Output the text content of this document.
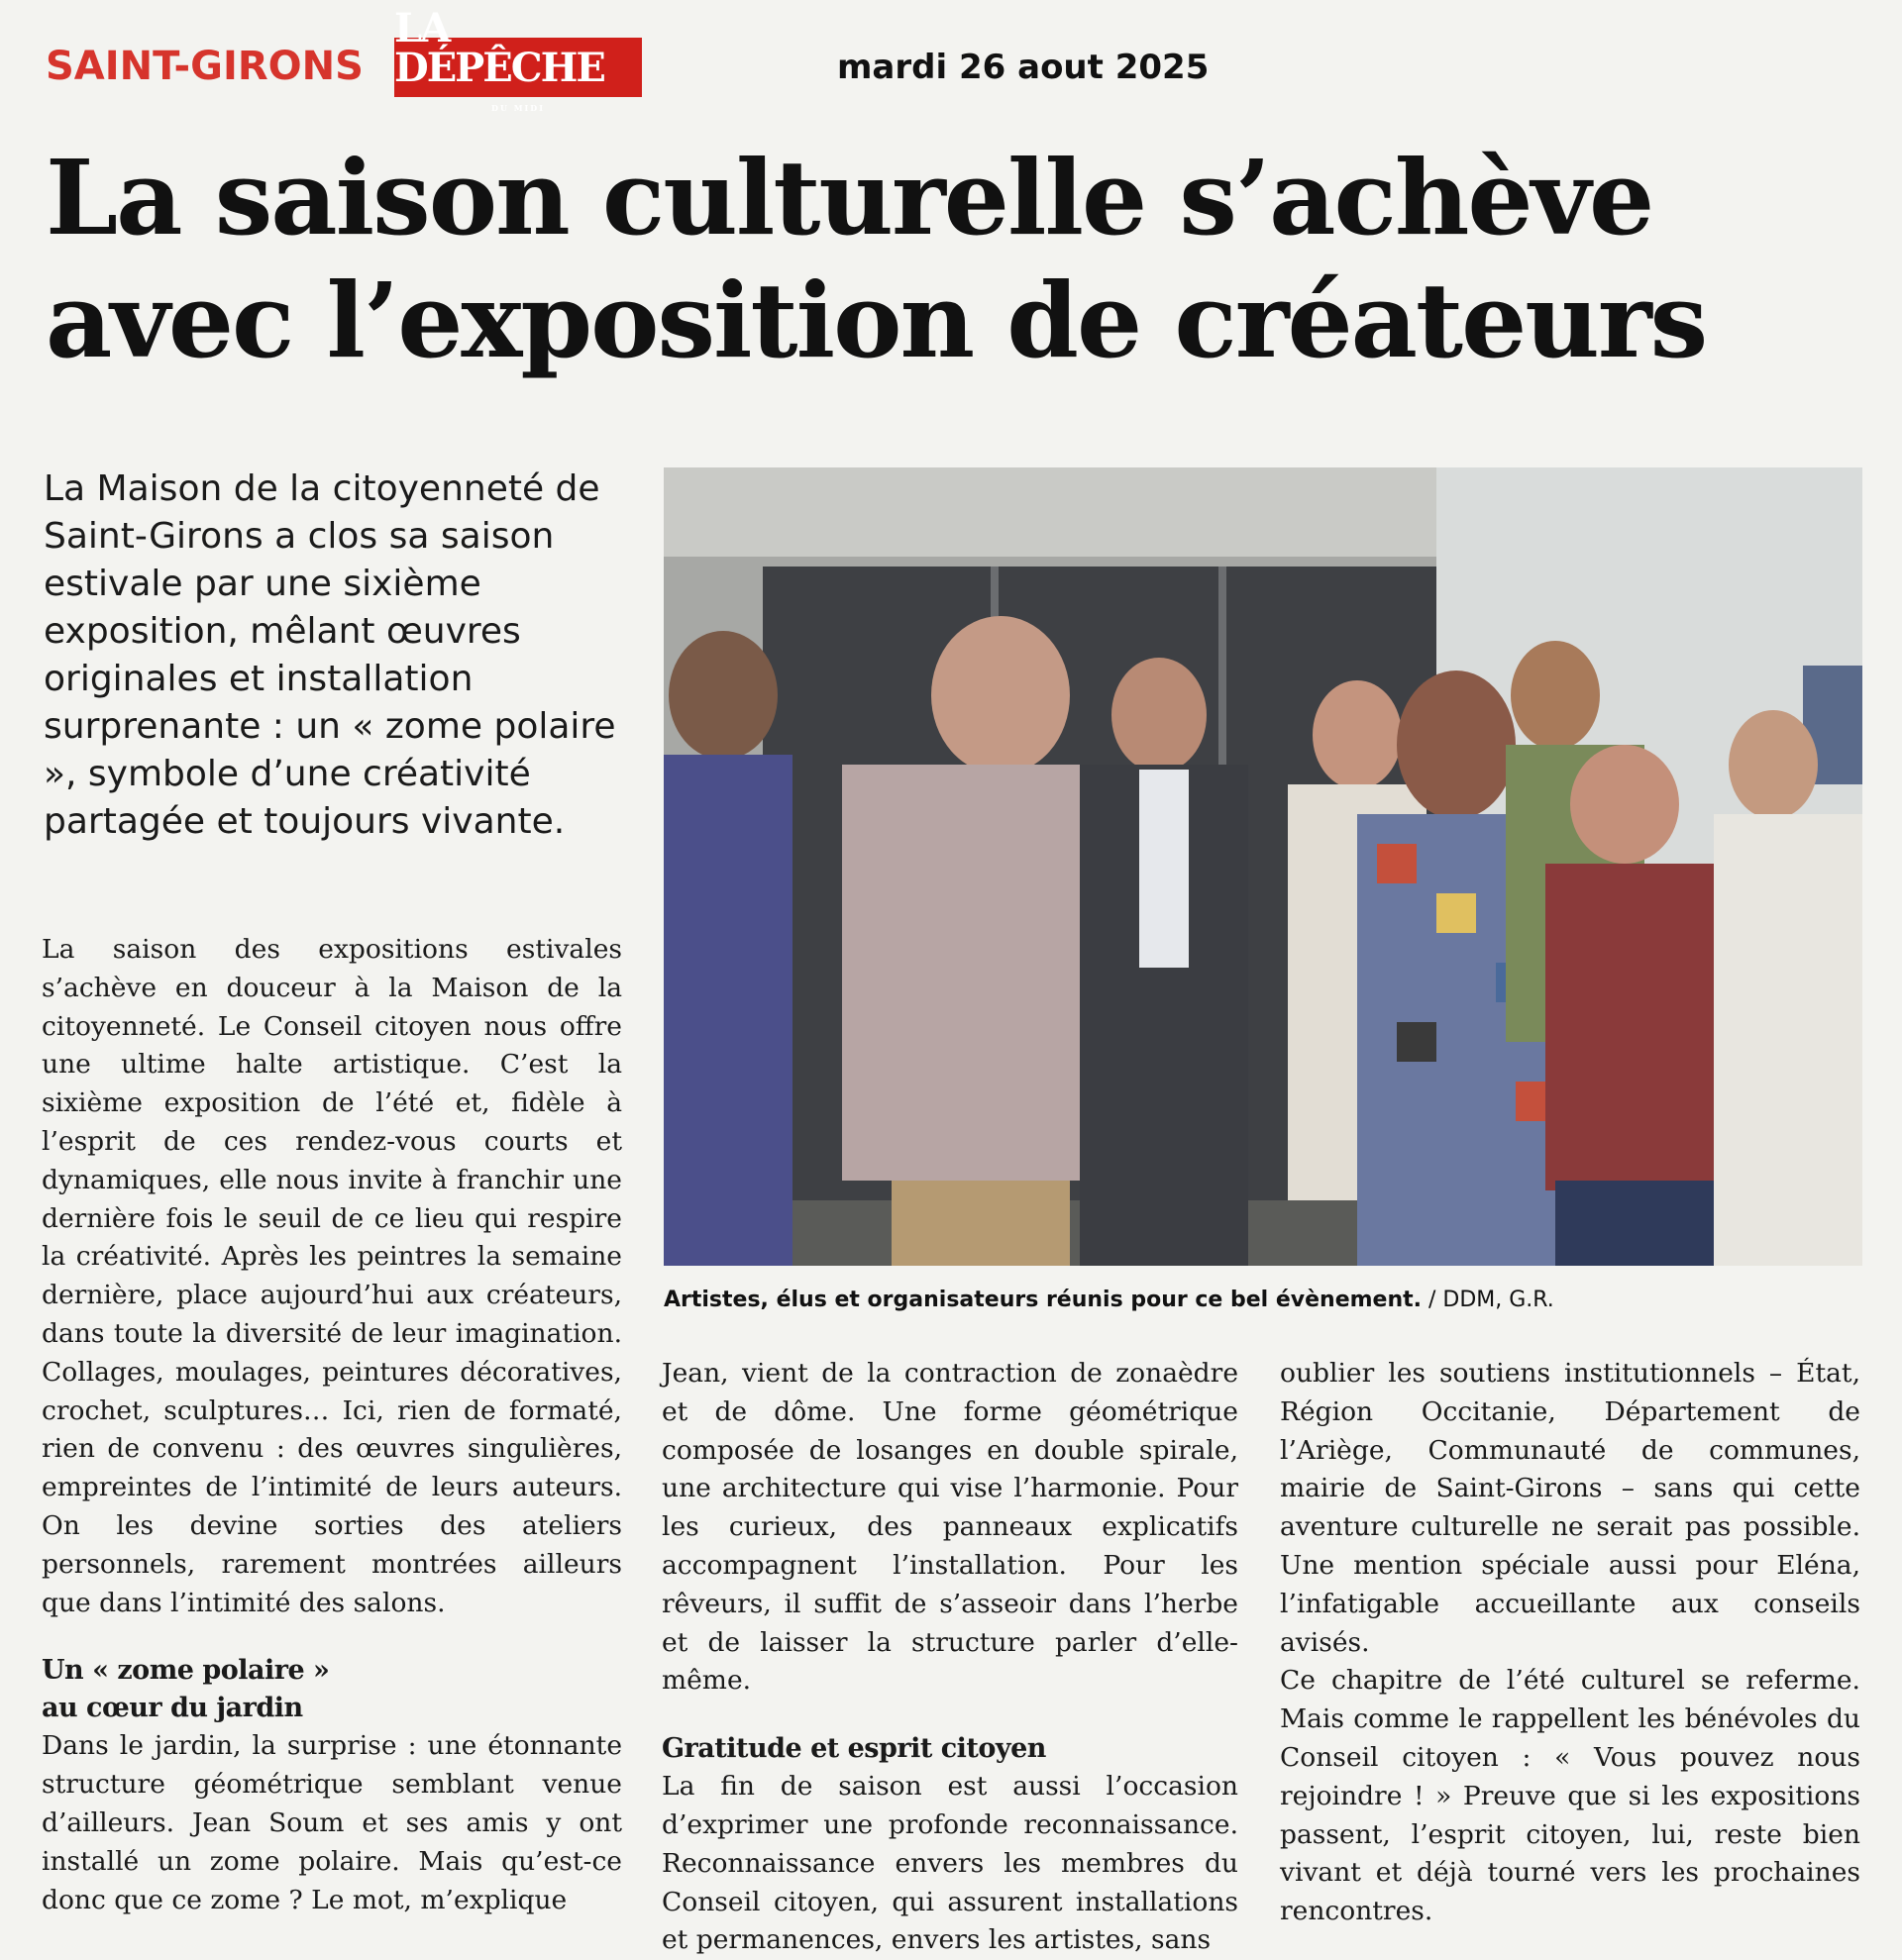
SAINT-GIRONS
LA DÉPÊCHE
DU MIDI
mardi 26 aout 2025
La saison culturelle s’achève
avec l’exposition de créateurs
La Maison de la citoyenneté de Saint-Girons a clos sa saison estivale par une sixième exposition, mêlant œuvres originales et installation surprenante : un « zome polaire », symbole d’une créativité partagée et toujours vivante.
Artistes, élus et organisateurs réunis pour ce bel évènement. / DDM, G.R.

La saison des expositions estivales s’achève en douceur à la Maison de la citoyenneté. Le Conseil citoyen nous offre une ultime halte artistique. C’est la sixième exposition de l’été et, fidèle à l’esprit de ces rendez-vous courts et dynamiques, elle nous invite à franchir une dernière fois le seuil de ce lieu qui respire la créativité. Après les peintres la semaine dernière, place aujourd’hui aux créateurs, dans toute la diversité de leur imagination. Collages, moulages, peintures décoratives, crochet, sculptures… Ici, rien de formaté, rien de convenu : des œuvres singulières, empreintes de l’intimité de leurs auteurs. On les devine sorties des ateliers personnels, rarement montrées ailleurs que dans l’intimité des salons.

Un « zome polaire »
au cœur du jardin

Dans le jardin, la surprise : une étonnante structure géométrique semblant venue d’ailleurs. Jean Soum et ses amis y ont installé un zome polaire. Mais qu’est-ce donc que ce zome ? Le mot, m’explique

Jean, vient de la contraction de zonaèdre et de dôme. Une forme géométrique composée de losanges en double spirale, une architecture qui vise l’harmonie. Pour les curieux, des panneaux explicatifs accompagnent l’installation. Pour les rêveurs, il suffit de s’asseoir dans l’herbe et de laisser la structure parler d’elle-même.

Gratitude et esprit citoyen

La fin de saison est aussi l’occasion d’exprimer une profonde reconnaissance. Reconnaissance envers les membres du Conseil citoyen, qui assurent installations et permanences, envers les artistes, sans

oublier les soutiens institutionnels – État, Région Occitanie, Département de l’Ariège, Communauté de communes, mairie de Saint-Girons – sans qui cette aventure culturelle ne serait pas possible. Une mention spéciale aussi pour Eléna, l’infatigable accueillante aux conseils avisés.

Ce chapitre de l’été culturel se referme. Mais comme le rappellent les bénévoles du Conseil citoyen : « Vous pouvez nous rejoindre ! » Preuve que si les expositions passent, l’esprit citoyen, lui, reste bien vivant et déjà tourné vers les prochaines rencontres.
